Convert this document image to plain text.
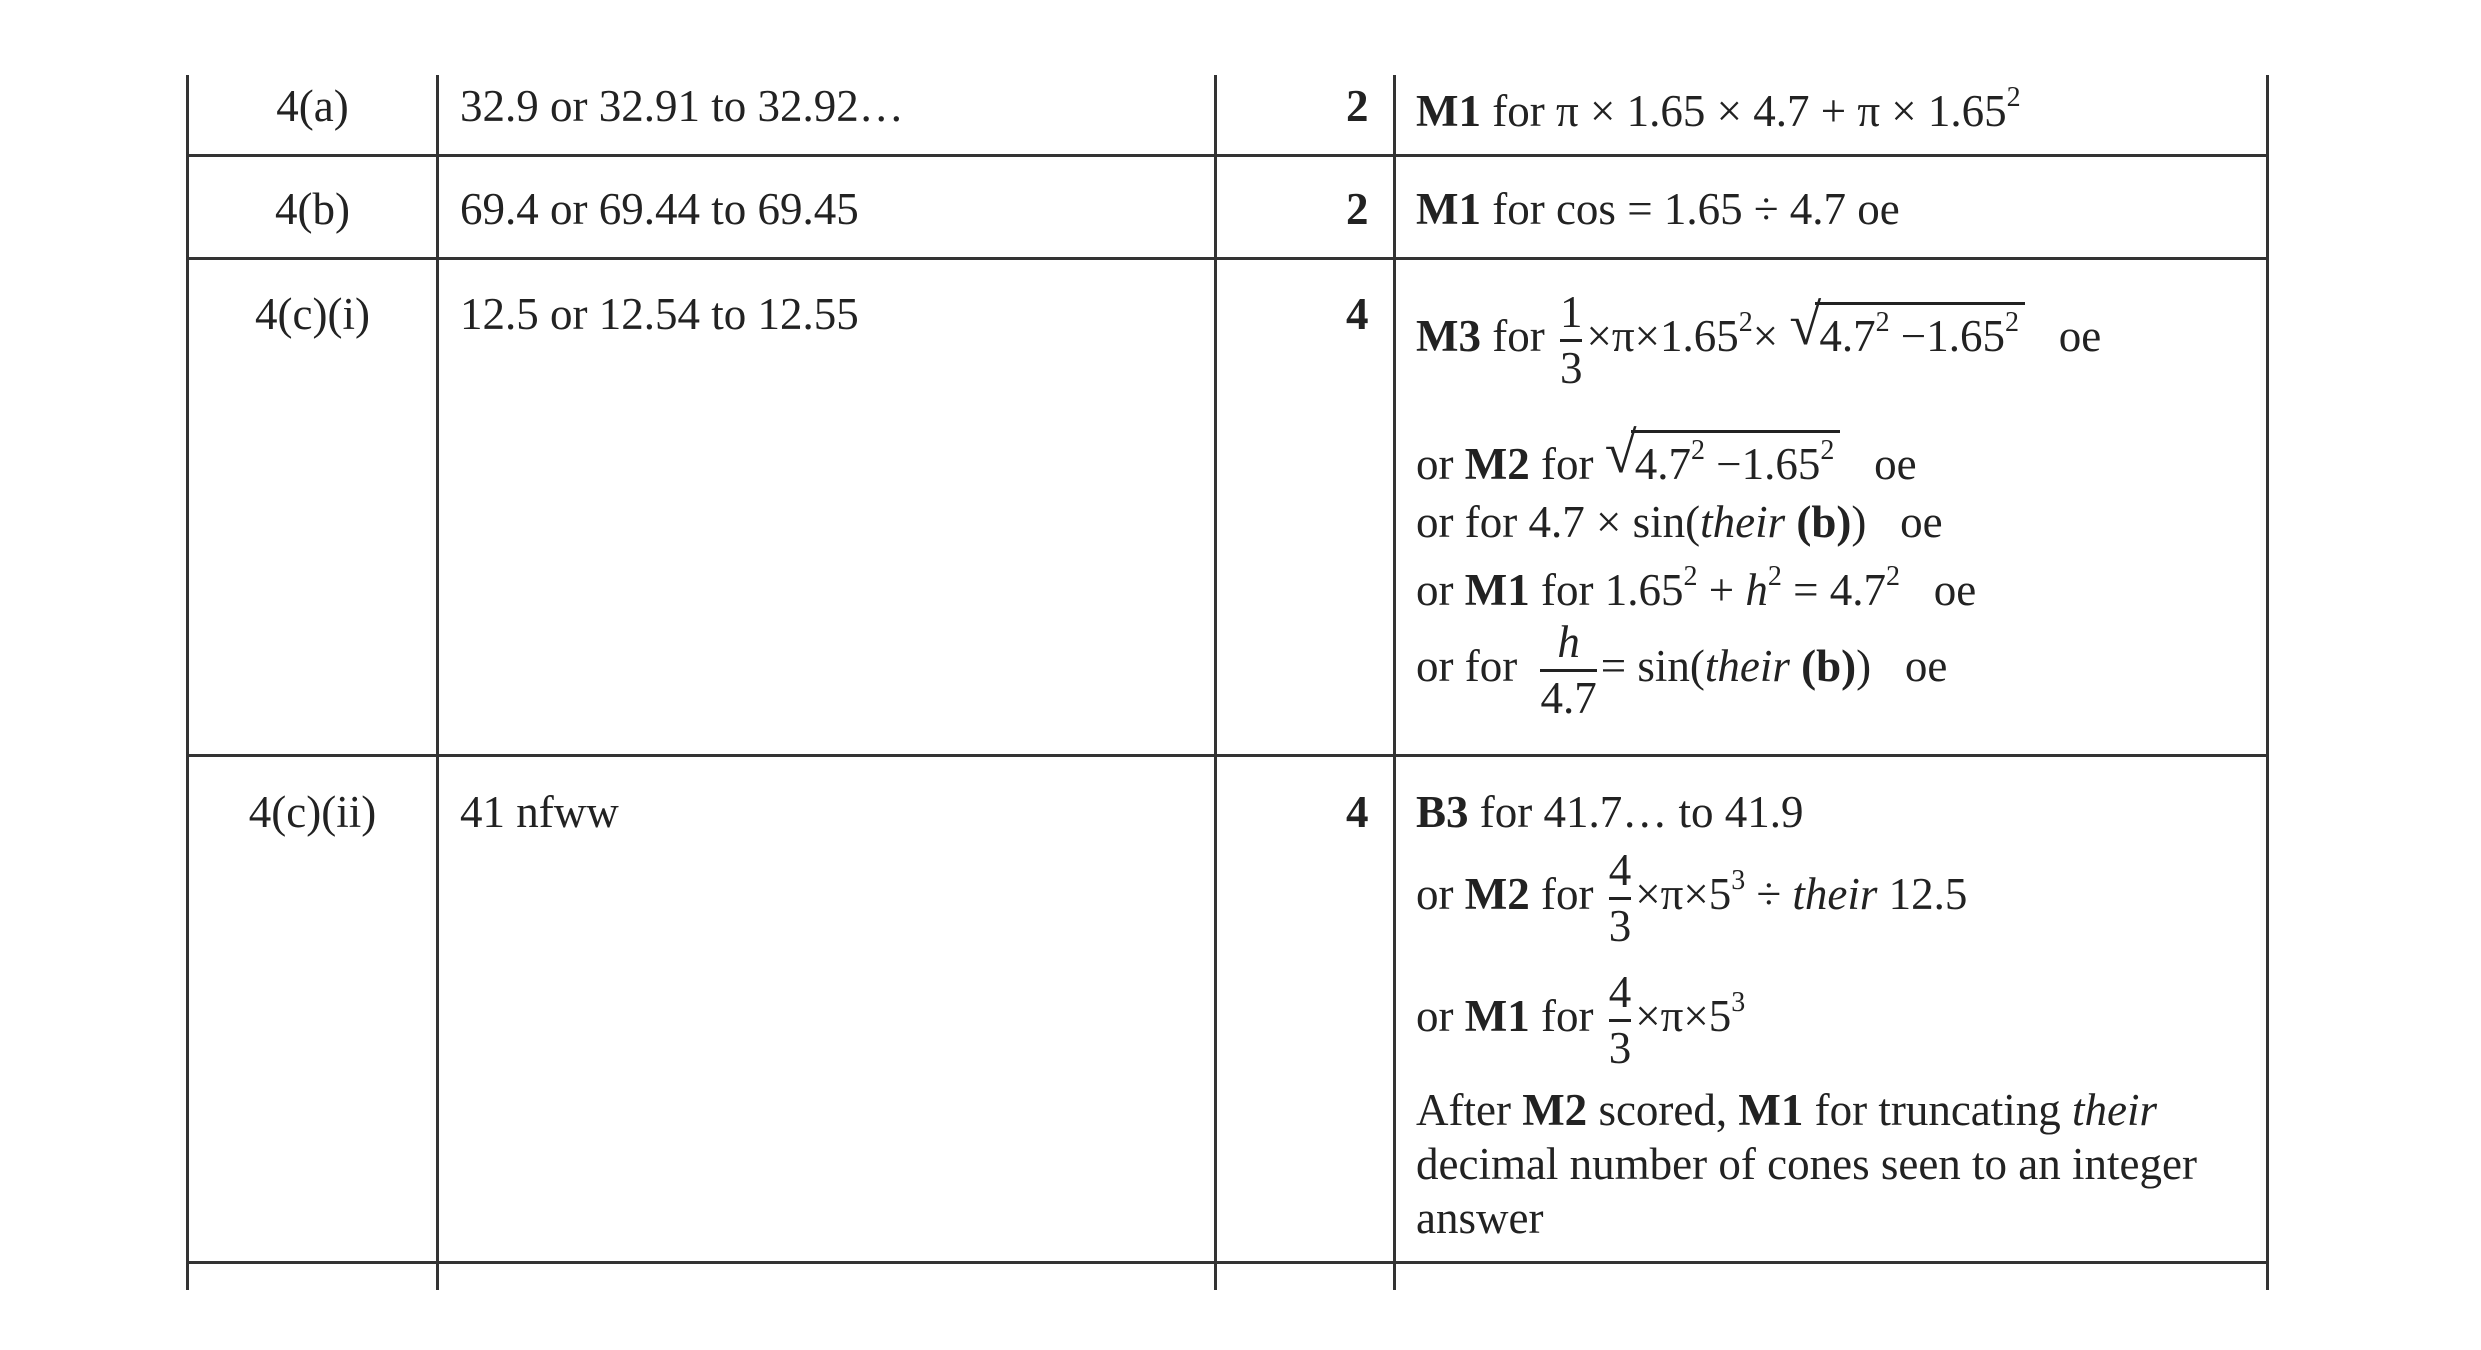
4(a)	32.9 or 32.91 to 32.92…	2 M1 for $\pi \times 1.65 \times 4.7 + \pi \times 1.65^2$
4(b)	69.4 or 69.44 to 69.45	2 M1 for cos = 1.65 ÷ 4.7 oe
4(c)(i)	12.5 or 12.54 to 12.55	4 M3 for $\frac{1}{3} \times\pi\times 1.65^2\times$ √
$4.7^2 -1.65^2$ oe
or M2 for √
$4.7^2 -1.65^2$ oe
or for 4.7 × sin(their (b)) oe
or M1 for $1.65^2 + h^2 = 4.7^2$ oe
or for $\frac{h}{4.7}$ = sin(their (b)) oe
4(c)(ii)	41 nfww	4 B3 for 41.7… to 41.9
or M2 for $\frac{4}{3} \times\pi\times 5^3$ ÷ their 12.5
or M1 for $\frac{4}{3} \times\pi\times 5^3$
After M2 scored, M1 for truncating their
decimal number of cones seen to an integer
answer
